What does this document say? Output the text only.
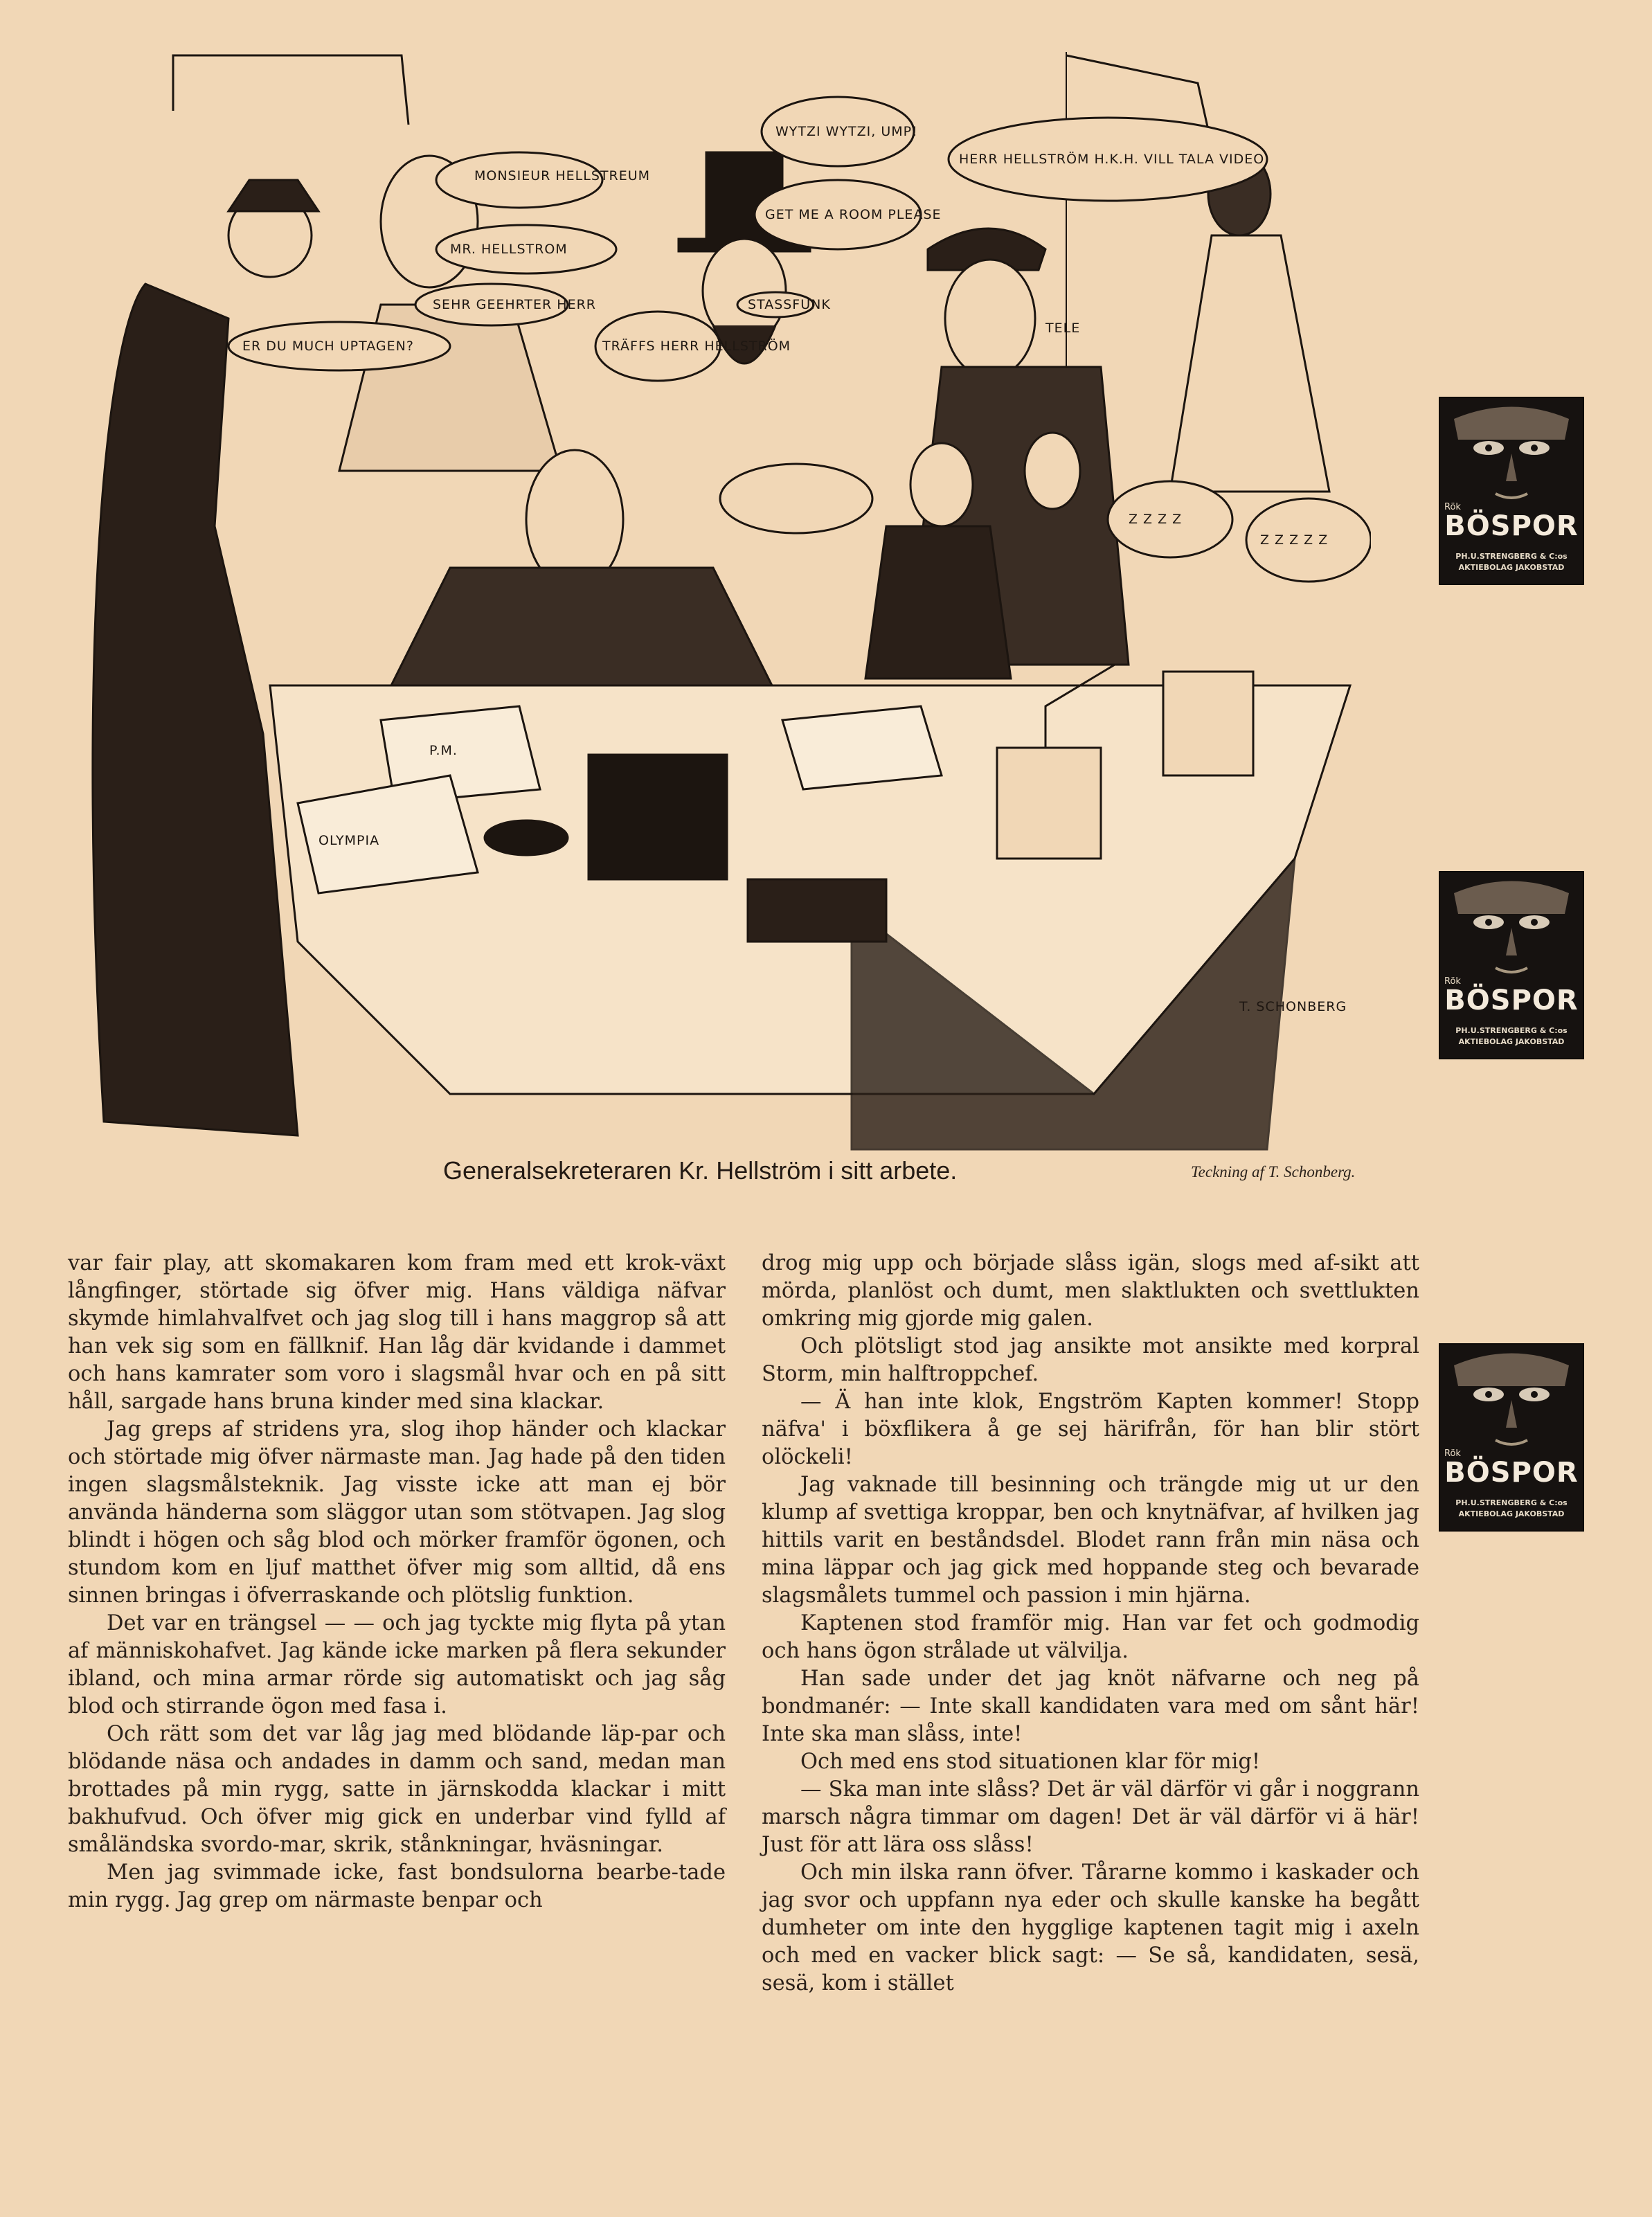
MONSIEUR HELLSTREUM
MR. HELLSTROM
SEHR GEEHRTER HERR
ER DU MUCH UPTAGEN?	TRÄFFS HERR HELLSTRÖM
WYTZI WYTZI, UMP!
GET ME A ROOM PLEASE
HERR HELLSTRÖM H.K.H. VILL TALA VIDEO
STASSFUNK
Z Z Z Z
Z Z Z Z Z
P.M.
OLYMPIA
TELE
T. SCHONBERG
Generalsekreteraren Kr. Hellström i sitt arbete.	Teckning af T. Schonberg.

var fair play, att skomakaren kom fram med ett krok-växt långfinger, störtade sig öfver mig. Hans väldiga näfvar skymde himlahvalfvet och jag slog till i hans maggrop så att han vek sig som en fällknif. Han låg där kvidande i dammet och hans kamrater som voro i slagsmål hvar och en på sitt håll, sargade hans bruna kinder med sina klackar.

Jag greps af stridens yra, slog ihop händer och klackar och störtade mig öfver närmaste man. Jag hade på den tiden ingen slagsmålsteknik. Jag visste icke att man ej bör använda händerna som släggor utan som stötvapen. Jag slog blindt i högen och såg blod och mörker framför ögonen, och stundom kom en ljuf matthet öfver mig som alltid, då ens sinnen bringas i öfverraskande och plötslig funktion.

Det var en trängsel — — och jag tyckte mig flyta på ytan af människohafvet. Jag kände icke marken på flera sekunder ibland, och mina armar rörde sig automatiskt och jag såg blod och stirrande ögon med fasa i.

Och rätt som det var låg jag med blödande läp-par och blödande näsa och andades in damm och sand, medan man brottades på min rygg, satte in järnskodda klackar i mitt bakhufvud. Och öfver mig gick en underbar vind fylld af småländska svordo-mar, skrik, stånkningar, hväsningar.

Men jag svimmade icke, fast bondsulorna bearbe-tade min rygg. Jag grep om närmaste benpar och

drog mig upp och började slåss igän, slogs med af-sikt att mörda, planlöst och dumt, men slaktlukten och svettlukten omkring mig gjorde mig galen.

Och plötsligt stod jag ansikte mot ansikte med korpral Storm, min halftroppchef.

— Ä han inte klok, Engström Kapten kommer! Stopp näfva' i böxflikera å ge sej härifrån, för han blir stört olöckeli!

Jag vaknade till besinning och trängde mig ut ur den klump af svettiga kroppar, ben och knytnäfvar, af hvilken jag hittils varit en beståndsdel. Blodet rann från min näsa och mina läppar och jag gick med hoppande steg och bevarade slagsmålets tummel och passion i min hjärna.

Kaptenen stod framför mig. Han var fet och godmodig och hans ögon strålade ut välvilja.

Han sade under det jag knöt näfvarne och neg på bondmanér: — Inte skall kandidaten vara med om sånt här! Inte ska man slåss, inte!

Och med ens stod situationen klar för mig!

— Ska man inte slåss? Det är väl därför vi går i noggrann marsch några timmar om dagen! Det är väl därför vi ä här! Just för att lära oss slåss!

Och min ilska rann öfver. Tårarne kommo i kaskader och jag svor och uppfann nya eder och skulle kanske ha begått dumheter om inte den hygglige kaptenen tagit mig i axeln och med en vacker blick sagt: — Se så, kandidaten, sesä, sesä, kom i stället

Rök
BÖSPOR
PH.U.STRENGBERG & C:os
AKTIEBOLAG JAKOBSTAD
Rök
BÖSPOR
PH.U.STRENGBERG & C:os
AKTIEBOLAG JAKOBSTAD
Rök
BÖSPOR
PH.U.STRENGBERG & C:os
AKTIEBOLAG JAKOBSTAD
